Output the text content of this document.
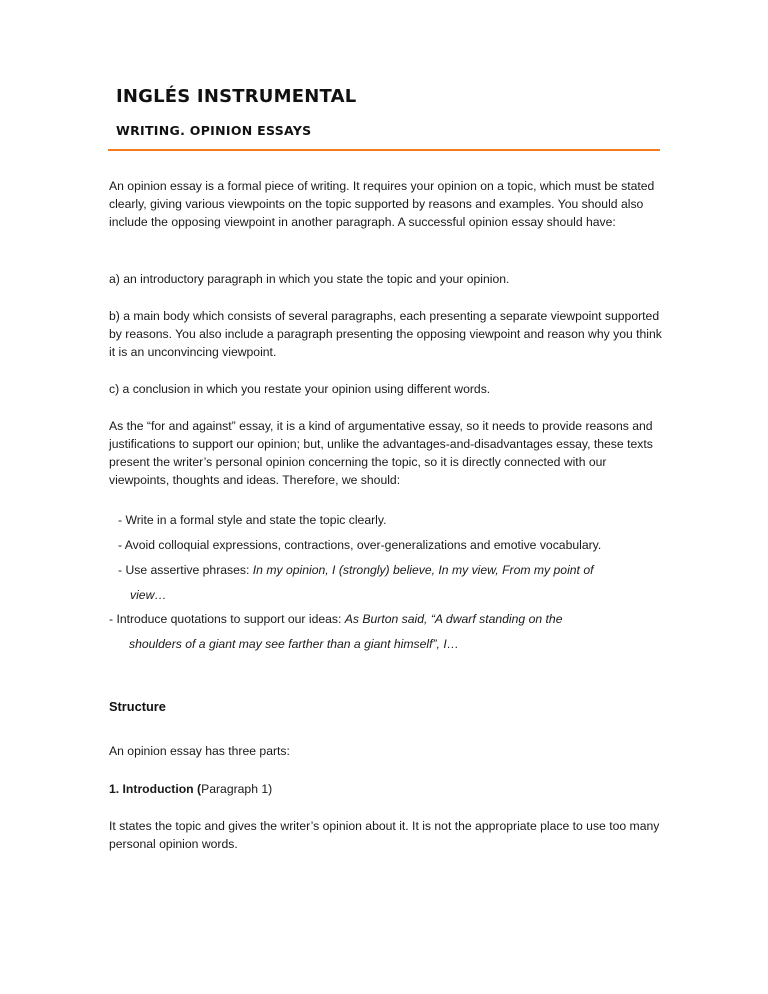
INGLÉS INSTRUMENTAL
WRITING. OPINION ESSAYS

An opinion essay is a formal piece of writing. It requires your opinion on a topic, which must be stated clearly, giving various viewpoints on the topic supported by reasons and examples. You should also include the opposing viewpoint in another paragraph. A successful opinion essay should have:

a) an introductory paragraph in which you state the topic and your opinion.

b) a main body which consists of several paragraphs, each presenting a separate viewpoint supported by reasons. You also include a paragraph presenting the opposing viewpoint and reason why you think it is an unconvincing viewpoint.

c) a conclusion in which you restate your opinion using different words.

As the “for and against” essay, it is a kind of argumentative essay, so it needs to provide reasons and justifications to support our opinion; but, unlike the advantages-and-disadvantages essay, these texts present the writer’s personal opinion concerning the topic, so it is directly connected with our viewpoints, thoughts and ideas. Therefore, we should:

- Write in a formal style and state the topic clearly.

- Avoid colloquial expressions, contractions, over-generalizations and emotive vocabulary.

- Use assertive phrases: In my opinion, I (strongly) believe, In my view, From my point of
view…

- Introduce quotations to support our ideas: As Burton said, “A dwarf standing on the
shoulders of a giant may see farther than a giant himself”, I…

Structure

An opinion essay has three parts:

1. Introduction (Paragraph 1)

It states the topic and gives the writer’s opinion about it. It is not the appropriate place to use too many personal opinion words.
